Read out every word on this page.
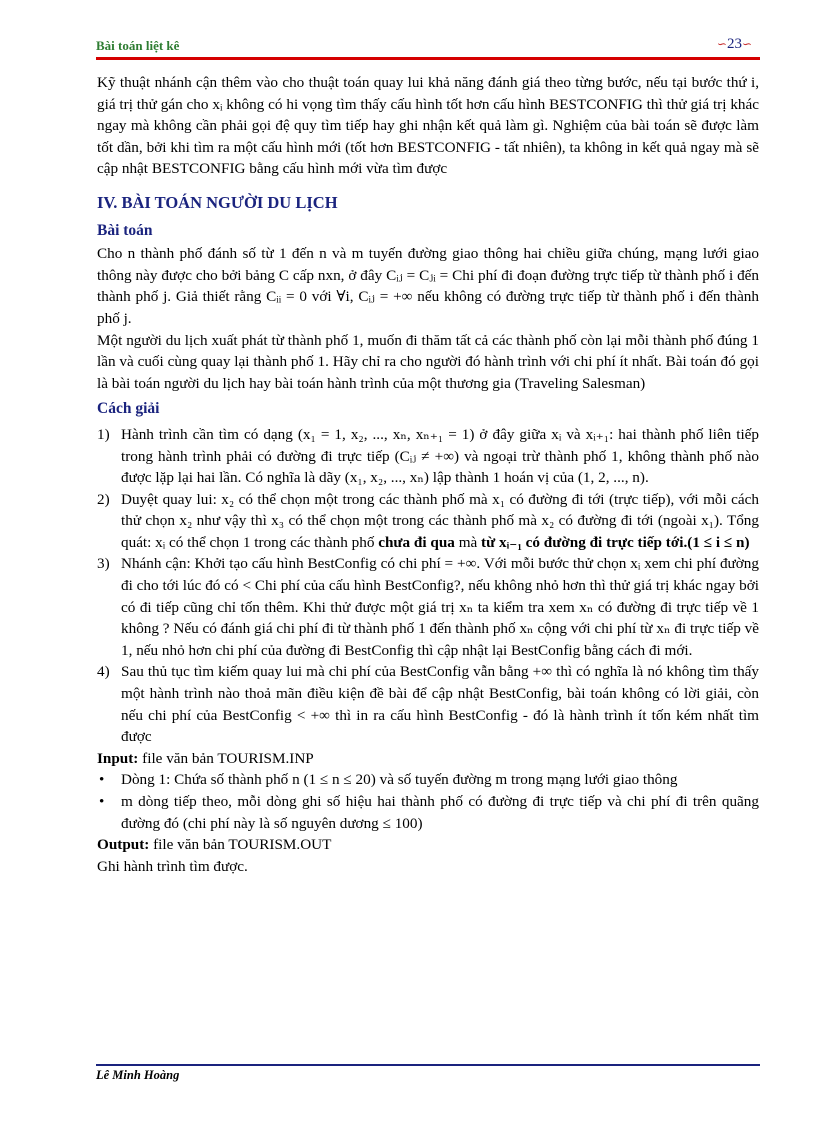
Bài toán liệt kê	∽23∽

Kỹ thuật nhánh cận thêm vào cho thuật toán quay lui khả năng đánh giá theo từng bước, nếu tại bước thứ i, giá trị thử gán cho xᵢ không có hi vọng tìm thấy cấu hình tốt hơn cấu hình BESTCONFIG thì thử giá trị khác ngay mà không cần phải gọi đệ quy tìm tiếp hay ghi nhận kết quả làm gì. Nghiệm của bài toán sẽ được làm tốt dần, bởi khi tìm ra một cấu hình mới (tốt hơn BESTCONFIG - tất nhiên), ta không in kết quả ngay mà sẽ cập nhật BESTCONFIG bằng cấu hình mới vừa tìm được

IV. BÀI TOÁN NGƯỜI DU LỊCH

Bài toán

Cho n thành phố đánh số từ 1 đến n và m tuyến đường giao thông hai chiều giữa chúng, mạng lưới giao thông này được cho bởi bảng C cấp nxn, ở đây Cᵢⱼ = Cⱼᵢ = Chi phí đi đoạn đường trực tiếp từ thành phố i đến thành phố j. Giả thiết rằng Cᵢᵢ = 0 với ∀i, Cᵢⱼ = +∞ nếu không có đường trực tiếp từ thành phố i đến thành phố j.

Một người du lịch xuất phát từ thành phố 1, muốn đi thăm tất cả các thành phố còn lại mỗi thành phố đúng 1 lần và cuối cùng quay lại thành phố 1. Hãy chỉ ra cho người đó hành trình với chi phí ít nhất. Bài toán đó gọi là bài toán người du lịch hay bài toán hành trình của một thương gia (Traveling Salesman)

Cách giải

1) Hành trình cần tìm có dạng (x₁ = 1, x₂, ..., xₙ, xₙ₊₁ = 1) ở đây giữa xᵢ và xᵢ₊₁: hai thành phố liên tiếp trong hành trình phải có đường đi trực tiếp (Cᵢⱼ ≠ +∞) và ngoại trừ thành phố 1, không thành phố nào được lặp lại hai lần. Có nghĩa là dãy (x₁, x₂, ..., xₙ) lập thành 1 hoán vị của (1, 2, ..., n).
2) Duyệt quay lui: x₂ có thể chọn một trong các thành phố mà x₁ có đường đi tới (trực tiếp), với mỗi cách thử chọn x₂ như vậy thì x₃ có thể chọn một trong các thành phố mà x₂ có đường đi tới (ngoài x₁). Tổng quát: xᵢ có thể chọn 1 trong các thành phố chưa đi qua mà từ xᵢ₋₁ có đường đi trực tiếp tới.(1 ≤ i ≤ n)
3) Nhánh cận: Khởi tạo cấu hình BestConfig có chi phí = +∞. Với mỗi bước thử chọn xᵢ xem chi phí đường đi cho tới lúc đó có < Chi phí của cấu hình BestConfig?, nếu không nhỏ hơn thì thử giá trị khác ngay bởi có đi tiếp cũng chỉ tốn thêm. Khi thử được một giá trị xₙ ta kiểm tra xem xₙ có đường đi trực tiếp về 1 không ? Nếu có đánh giá chi phí đi từ thành phố 1 đến thành phố xₙ cộng với chi phí từ xₙ đi trực tiếp về 1, nếu nhỏ hơn chi phí của đường đi BestConfig thì cập nhật lại BestConfig bằng cách đi mới.
4) Sau thủ tục tìm kiếm quay lui mà chi phí của BestConfig vẫn bằng +∞ thì có nghĩa là nó không tìm thấy một hành trình nào thoả mãn điều kiện đề bài để cập nhật BestConfig, bài toán không có lời giải, còn nếu chi phí của BestConfig < +∞ thì in ra cấu hình BestConfig - đó là hành trình ít tốn kém nhất tìm được

Input: file văn bản TOURISM.INP

• Dòng 1: Chứa số thành phố n (1 ≤ n ≤ 20) và số tuyến đường m trong mạng lưới giao thông
• m dòng tiếp theo, mỗi dòng ghi số hiệu hai thành phố có đường đi trực tiếp và chi phí đi trên quãng đường đó (chi phí này là số nguyên dương ≤ 100)

Output: file văn bản TOURISM.OUT

Ghi hành trình tìm được.

Lê Minh Hoàng
